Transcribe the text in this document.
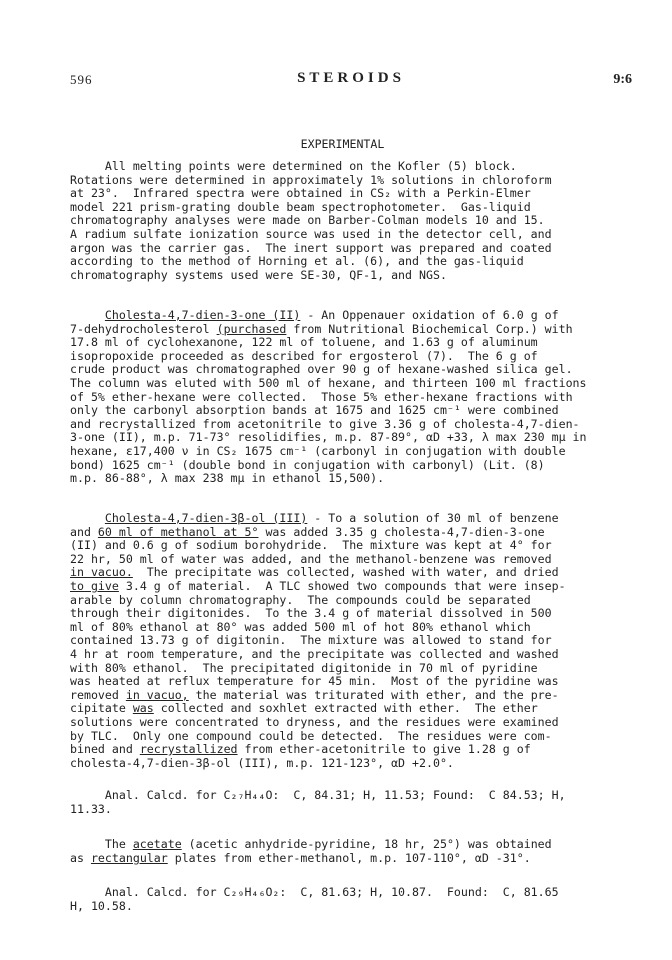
596	STEROIDS	9:6
EXPERIMENTAL
All melting points were determined on the Kofler (5) block.
Rotations were determined in approximately 1% solutions in chloroform
at 23°.  Infrared spectra were obtained in CS₂ with a Perkin-Elmer
model 221 prism-grating double beam spectrophotometer.  Gas-liquid
chromatography analyses were made on Barber-Colman models 10 and 15.
A radium sulfate ionization source was used in the detector cell, and
argon was the carrier gas.  The inert support was prepared and coated
according to the method of Horning et al. (6), and the gas-liquid
chromatography systems used were SE-30, QF-1, and NGS.
Cholesta-4,7-dien-3-one (II) - An Oppenauer oxidation of 6.0 g of
7-dehydrocholesterol (purchased from Nutritional Biochemical Corp.) with
17.8 ml of cyclohexanone, 122 ml of toluene, and 1.63 g of aluminum
isopropoxide proceeded as described for ergosterol (7).  The 6 g of
crude product was chromatographed over 90 g of hexane-washed silica gel.
The column was eluted with 500 ml of hexane, and thirteen 100 ml fractions
of 5% ether-hexane were collected.  Those 5% ether-hexane fractions with
only the carbonyl absorption bands at 1675 and 1625 cm⁻¹ were combined
and recrystallized from acetonitrile to give 3.36 g of cholesta-4,7-dien-
3-one (II), m.p. 71-73° resolidifies, m.p. 87-89°, αD +33, λ max 230 mμ in
hexane, ε17,400 ν in CS₂ 1675 cm⁻¹ (carbonyl in conjugation with double
bond) 1625 cm⁻¹ (double bond in conjugation with carbonyl) (Lit. (8)
m.p. 86-88°, λ max 238 mμ in ethanol 15,500).
Cholesta-4,7-dien-3β-ol (III) - To a solution of 30 ml of benzene
and 60 ml of methanol at 5° was added 3.35 g cholesta-4,7-dien-3-one
(II) and 0.6 g of sodium borohydride.  The mixture was kept at 4° for
22 hr, 50 ml of water was added, and the methanol-benzene was removed
in vacuo.  The precipitate was collected, washed with water, and dried
to give 3.4 g of material.  A TLC showed two compounds that were insep-
arable by column chromatography.  The compounds could be separated
through their digitonides.  To the 3.4 g of material dissolved in 500
ml of 80% ethanol at 80° was added 500 ml of hot 80% ethanol which
contained 13.73 g of digitonin.  The mixture was allowed to stand for
4 hr at room temperature, and the precipitate was collected and washed
with 80% ethanol.  The precipitated digitonide in 70 ml of pyridine
was heated at reflux temperature for 45 min.  Most of the pyridine was
removed in vacuo, the material was triturated with ether, and the pre-
cipitate was collected and soxhlet extracted with ether.  The ether
solutions were concentrated to dryness, and the residues were examined
by TLC.  Only one compound could be detected.  The residues were com-
bined and recrystallized from ether-acetonitrile to give 1.28 g of
cholesta-4,7-dien-3β-ol (III), m.p. 121-123°, αD +2.0°.
Anal. Calcd. for C₂₇H₄₄O:  C, 84.31; H, 11.53; Found:  C 84.53; H,
11.33.
The acetate (acetic anhydride-pyridine, 18 hr, 25°) was obtained
as rectangular plates from ether-methanol, m.p. 107-110°, αD -31°.
Anal. Calcd. for C₂₉H₄₆O₂:  C, 81.63; H, 10.87.  Found:  C, 81.65
H, 10.58.
